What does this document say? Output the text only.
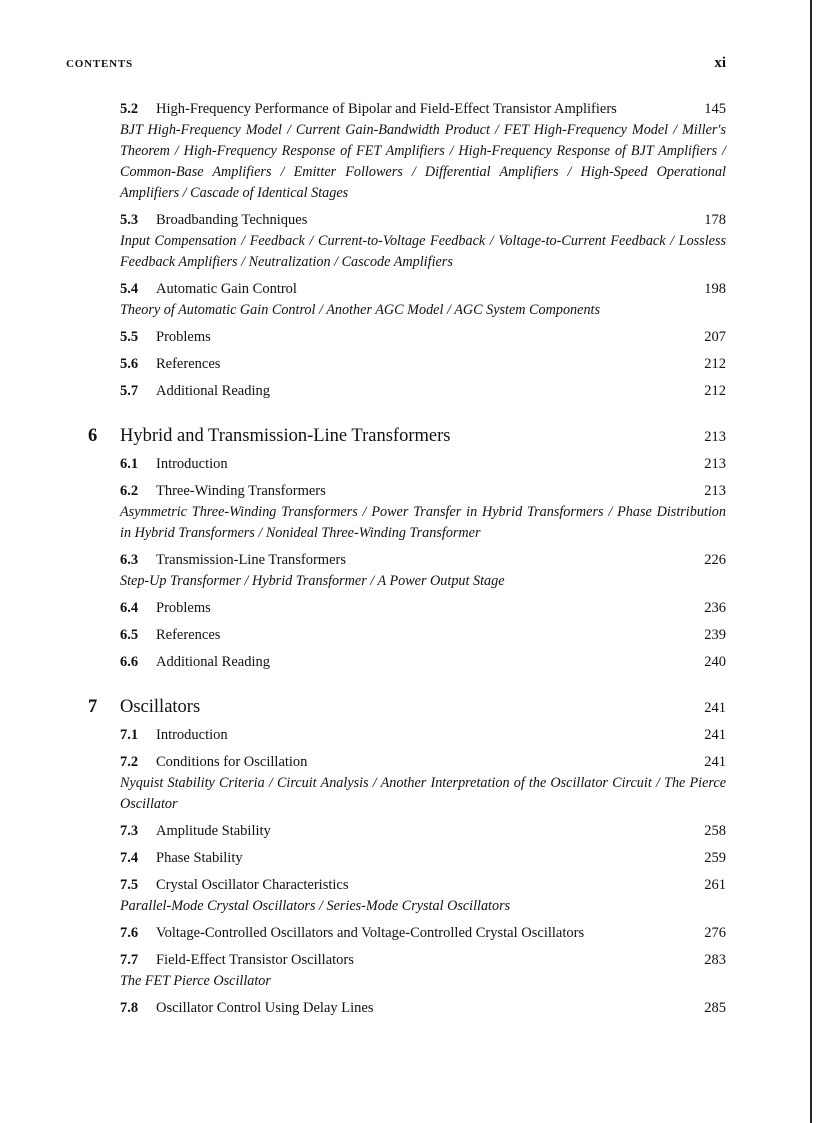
CONTENTS	xi
5.2 High-Frequency Performance of Bipolar and Field-Effect Transistor Amplifiers	145
BJT High-Frequency Model / Current Gain-Bandwidth Product / FET High-Frequency Model / Miller's Theorem / High-Frequency Response of FET Amplifiers / High-Frequency Response of BJT Amplifiers / Common-Base Amplifiers / Emitter Followers / Differential Amplifiers / High-Speed Operational Amplifiers / Cascade of Identical Stages
5.3 Broadbanding Techniques	178
Input Compensation / Feedback / Current-to-Voltage Feedback / Voltage-to-Current Feedback / Lossless Feedback Amplifiers / Neutralization / Cascode Amplifiers
5.4 Automatic Gain Control	198
Theory of Automatic Gain Control / Another AGC Model / AGC System Components
5.5 Problems	207
5.6 References	212
5.7 Additional Reading	212
6 Hybrid and Transmission-Line Transformers	213
6.1 Introduction	213
6.2 Three-Winding Transformers	213
Asymmetric Three-Winding Transformers / Power Transfer in Hybrid Transformers / Phase Distribution in Hybrid Transformers / Nonideal Three-Winding Transformer
6.3 Transmission-Line Transformers	226
Step-Up Transformer / Hybrid Transformer / A Power Output Stage
6.4 Problems	236
6.5 References	239
6.6 Additional Reading	240
7 Oscillators	241
7.1 Introduction	241
7.2 Conditions for Oscillation	241
Nyquist Stability Criteria / Circuit Analysis / Another Interpretation of the Oscillator Circuit / The Pierce Oscillator
7.3 Amplitude Stability	258
7.4 Phase Stability	259
7.5 Crystal Oscillator Characteristics	261
Parallel-Mode Crystal Oscillators / Series-Mode Crystal Oscillators
7.6 Voltage-Controlled Oscillators and Voltage-Controlled Crystal Oscillators	276
7.7 Field-Effect Transistor Oscillators	283
The FET Pierce Oscillator
7.8 Oscillator Control Using Delay Lines	285
